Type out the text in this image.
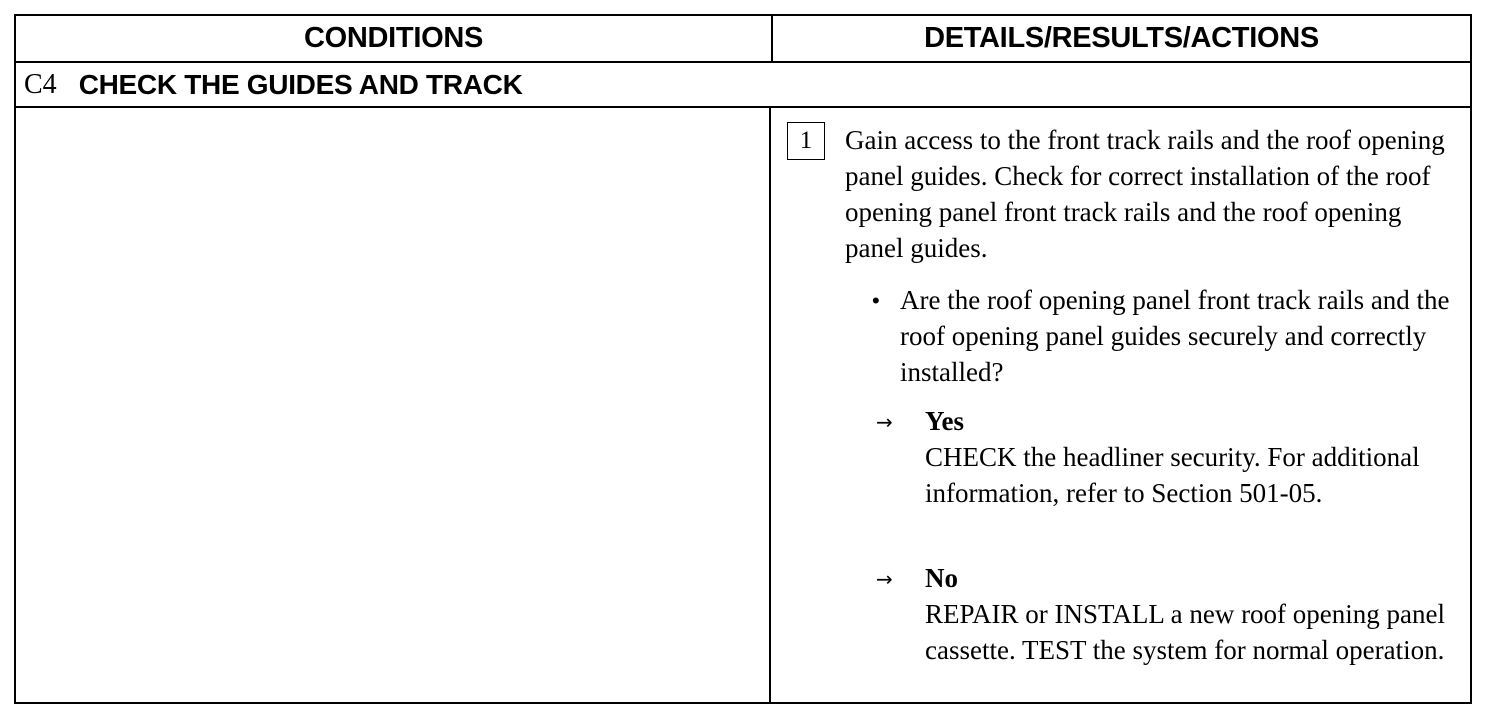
CONDITIONS	DETAILS/RESULTS/ACTIONS
C4 CHECK THE GUIDES AND TRACK
1	Gain access to the front track rails and the roof opening panel guides. Check for correct installation of the roof opening panel front track rails and the roof opening panel guides.
• Are the roof opening panel front track rails and the roof opening panel guides securely and correctly installed?
→ Yes
CHECK the headliner security. For additional information, refer to Section 501-05.
→ No
REPAIR or INSTALL a new roof opening panel cassette. TEST the system for normal operation.
